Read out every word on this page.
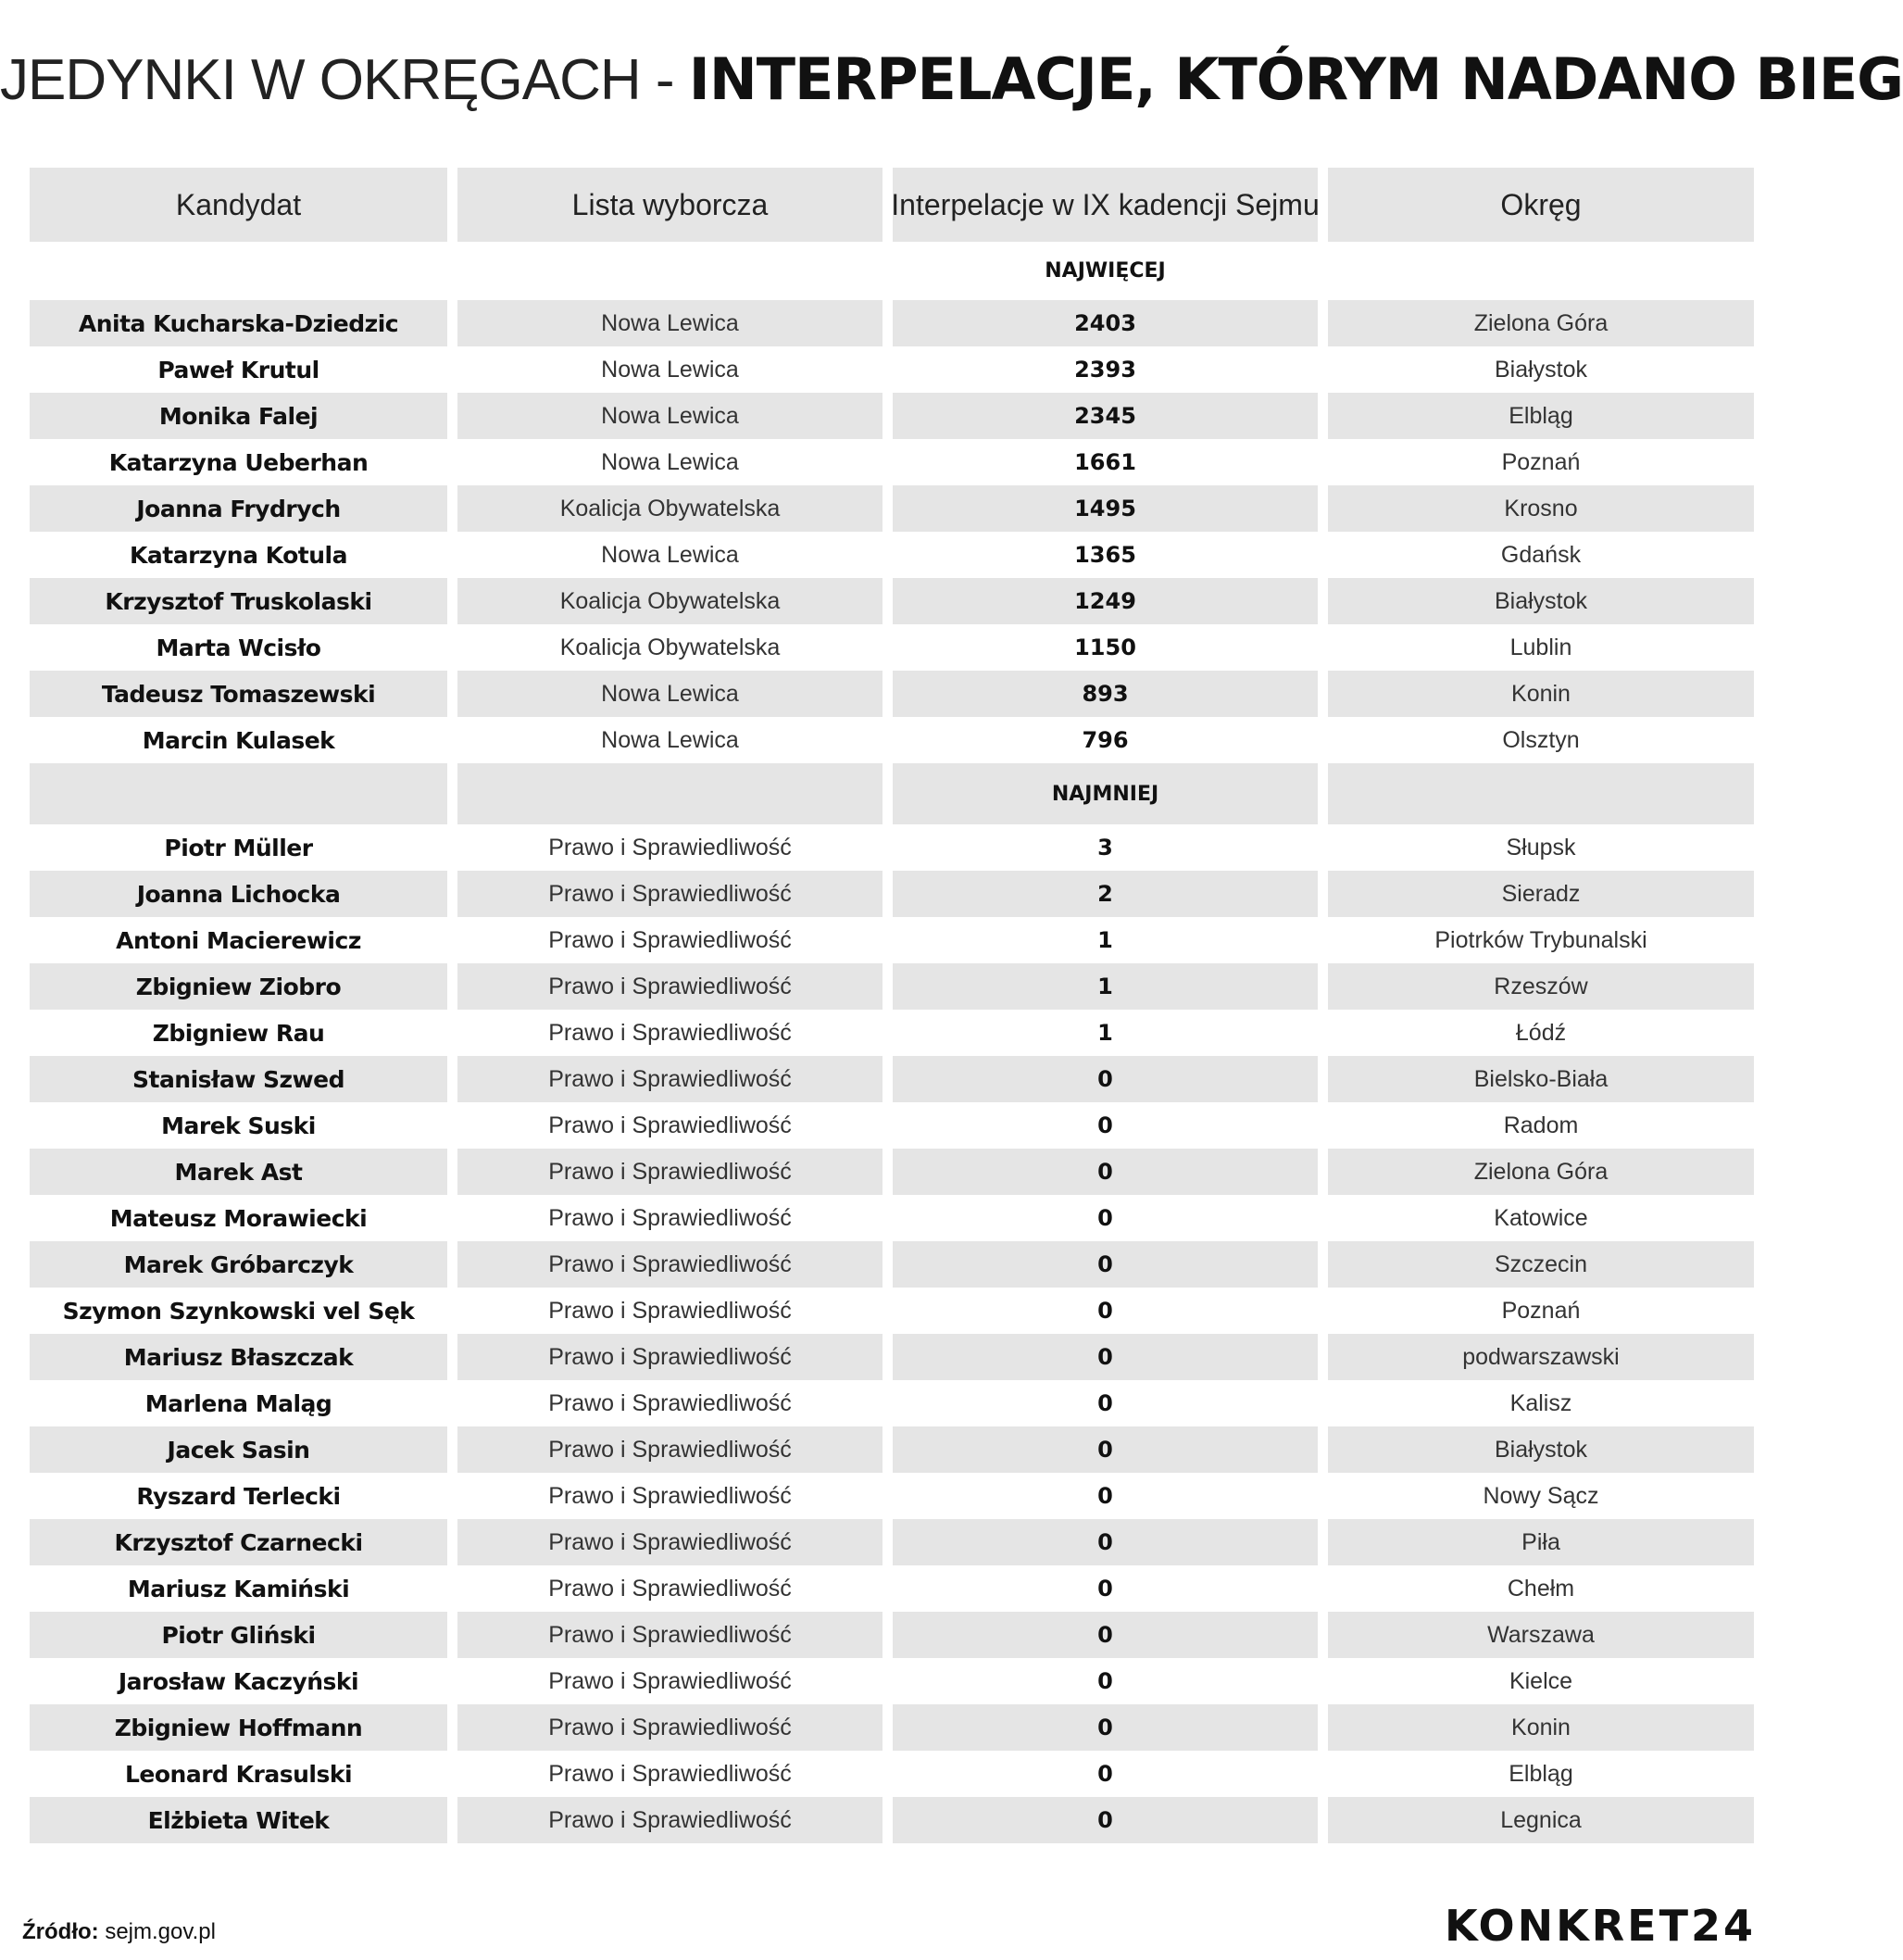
JEDYNKI W OKRĘGACH - INTERPELACJE, KTÓRYM NADANO BIEG
Kandydat	Lista wyborcza	Interpelacje w IX kadencji Sejmu	Okręg
NAJWIĘCEJ
Anita Kucharska-Dziedzic	Nowa Lewica	2403	Zielona Góra
Paweł Krutul	Nowa Lewica	2393	Białystok
Monika Falej	Nowa Lewica	2345	Elbląg
Katarzyna Ueberhan	Nowa Lewica	1661	Poznań
Joanna Frydrych	Koalicja Obywatelska	1495	Krosno
Katarzyna Kotula	Nowa Lewica	1365	Gdańsk
Krzysztof Truskolaski	Koalicja Obywatelska	1249	Białystok
Marta Wcisło	Koalicja Obywatelska	1150	Lublin
Tadeusz Tomaszewski	Nowa Lewica	893	Konin
Marcin Kulasek	Nowa Lewica	796	Olsztyn
NAJMNIEJ
Piotr Müller	Prawo i Sprawiedliwość	3	Słupsk
Joanna Lichocka	Prawo i Sprawiedliwość	2	Sieradz
Antoni Macierewicz	Prawo i Sprawiedliwość	1	Piotrków Trybunalski
Zbigniew Ziobro	Prawo i Sprawiedliwość	1	Rzeszów
Zbigniew Rau	Prawo i Sprawiedliwość	1	Łódź
Stanisław Szwed	Prawo i Sprawiedliwość	0	Bielsko-Biała
Marek Suski	Prawo i Sprawiedliwość	0	Radom
Marek Ast	Prawo i Sprawiedliwość	0	Zielona Góra
Mateusz Morawiecki	Prawo i Sprawiedliwość	0	Katowice
Marek Gróbarczyk	Prawo i Sprawiedliwość	0	Szczecin
Szymon Szynkowski vel Sęk	Prawo i Sprawiedliwość	0	Poznań
Mariusz Błaszczak	Prawo i Sprawiedliwość	0	podwarszawski
Marlena Maląg	Prawo i Sprawiedliwość	0	Kalisz
Jacek Sasin	Prawo i Sprawiedliwość	0	Białystok
Ryszard Terlecki	Prawo i Sprawiedliwość	0	Nowy Sącz
Krzysztof Czarnecki	Prawo i Sprawiedliwość	0	Piła
Mariusz Kamiński	Prawo i Sprawiedliwość	0	Chełm
Piotr Gliński	Prawo i Sprawiedliwość	0	Warszawa
Jarosław Kaczyński	Prawo i Sprawiedliwość	0	Kielce
Zbigniew Hoffmann	Prawo i Sprawiedliwość	0	Konin
Leonard Krasulski	Prawo i Sprawiedliwość	0	Elbląg
Elżbieta Witek	Prawo i Sprawiedliwość	0	Legnica
Źródło: sejm.gov.pl	KONKRET24
